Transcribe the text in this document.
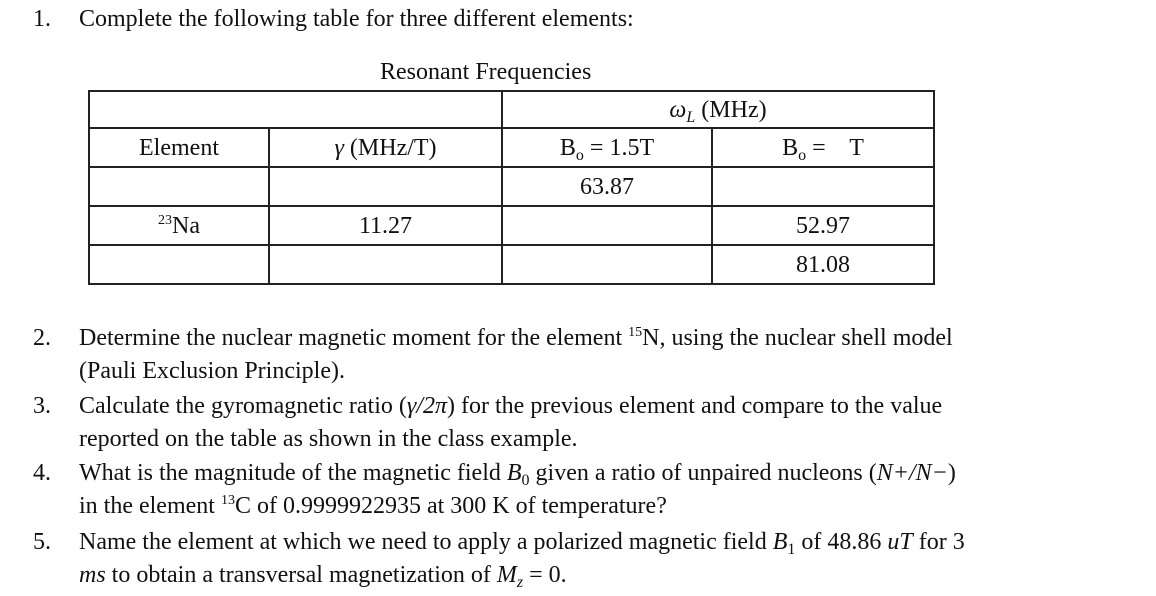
1. Complete the following table for three different elements:
Resonant Frequencies
		$\omega_L$ (MHz)	
Element	γ (MHz/T)	$B_o = 1.5T$	$B_o$ =    T
		63.87	
$^{23}$Na	11.27		52.97
			81.08
2. Determine the nuclear magnetic moment for the element $^{15}$N, using the nuclear shell model
(Pauli Exclusion Principle).
3. Calculate the gyromagnetic ratio (γ/2π) for the previous element and compare to the value
reported on the table as shown in the class example.
4. What is the magnitude of the magnetic field $B_0$ given a ratio of unpaired nucleons (N+/N−)
in the element $^{13}$C of 0.9999922935 at 300 K of temperature?
5. Name the element at which we need to apply a polarized magnetic field $B_1$ of 48.86 uT for 3
ms to obtain a transversal magnetization of $M_z = 0$.
